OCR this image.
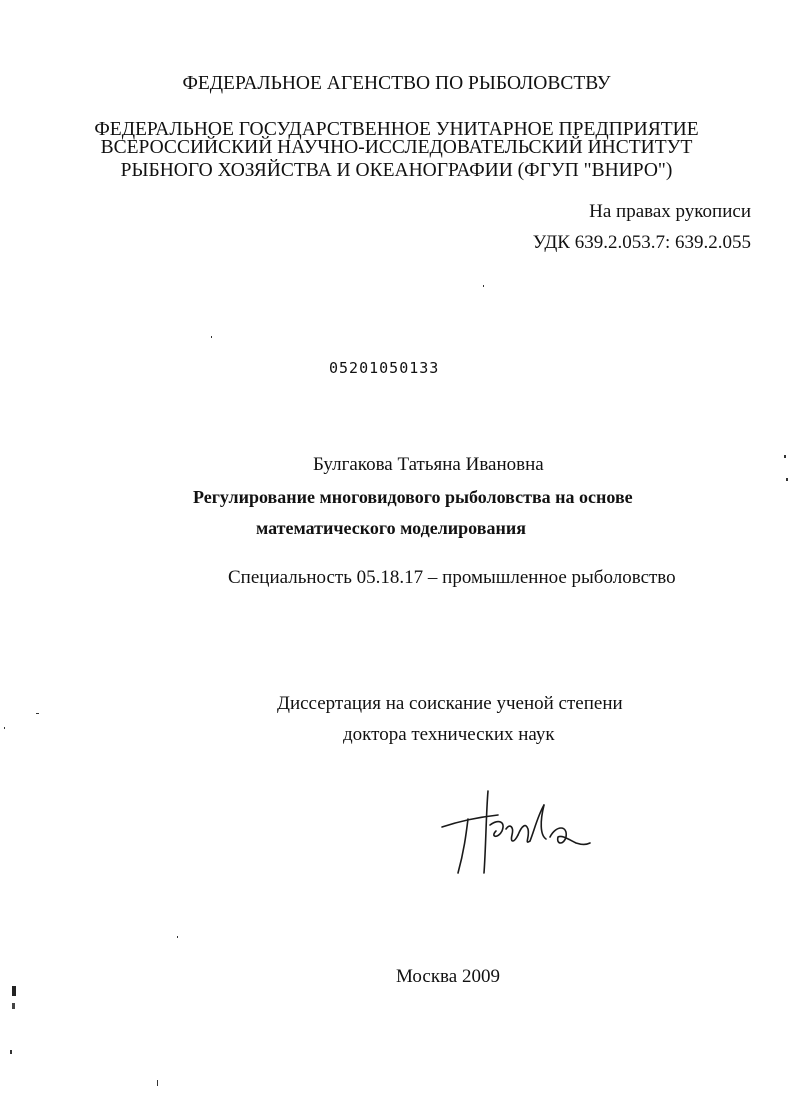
ФЕДЕРАЛЬНОЕ АГЕНСТВО ПО РЫБОЛОВСТВУ
ФЕДЕРАЛЬНОЕ ГОСУДАРСТВЕННОЕ УНИТАРНОЕ ПРЕДПРИЯТИЕ
ВСЕРОССИЙСКИЙ НАУЧНО-ИССЛЕДОВАТЕЛЬСКИЙ ИНСТИТУТ
РЫБНОГО ХОЗЯЙСТВА И ОКЕАНОГРАФИИ (ФГУП "ВНИРО")
На правах рукописи
УДК 639.2.053.7: 639.2.055
05201050133
Булгакова Татьяна Ивановна
Регулирование многовидового рыболовства на основе
математического моделирования
Специальность 05.18.17 – промышленное рыболовство
Диссертация на соискание ученой степени
доктора технических наук
Москва 2009
